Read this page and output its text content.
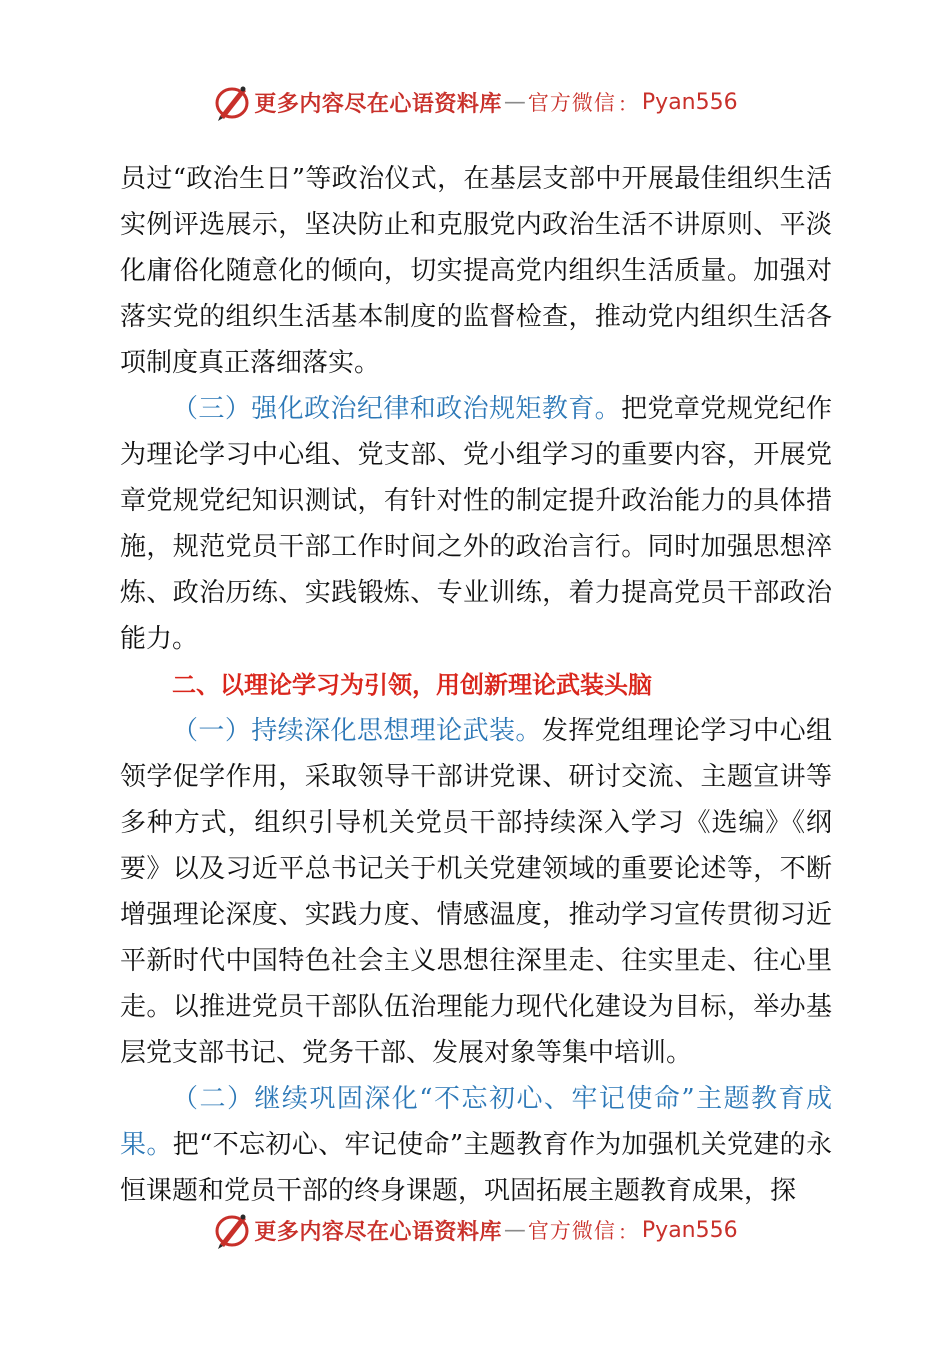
更多内容尽在心语资料库 — 官方微信 ： Pyan556

员过“政治生日”等政治仪式，在基层支部中开展最佳组织生活实例评选展示，坚决防止和克服党内政治生活不讲原则、平淡化庸俗化随意化的倾向，切实提高党内组织生活质量。加强对落实党的组织生活基本制度的监督检查，推动党内组织生活各项制度真正落细落实。

（三）强化政治纪律和政治规矩教育。把党章党规党纪作为理论学习中心组、党支部、党小组学习的重要内容，开展党章党规党纪知识测试，有针对性的制定提升政治能力的具体措施，规范党员干部工作时间之外的政治言行。同时加强思想淬炼、政治历练、实践锻炼、专业训练，着力提高党员干部政治能力。

二、以理论学习为引领，用创新理论武装头脑

（一）持续深化思想理论武装。发挥党组理论学习中心组领学促学作用，采取领导干部讲党课、研讨交流、主题宣讲等多种方式，组织引导机关党员干部持续深入学习《选编》《纲要》以及习近平总书记关于机关党建领域的重要论述等，不断增强理论深度、实践力度、情感温度，推动学习宣传贯彻习近平新时代中国特色社会主义思想往深里走、往实里走、往心里走。以推进党员干部队伍治理能力现代化建设为目标，举办基层党支部书记、党务干部、发展对象等集中培训。

（二）继续巩固深化“不忘初心、牢记使命”主题教育成果。把“不忘初心、牢记使命”主题教育作为加强机关党建的永恒课题和党员干部的终身课题，巩固拓展主题教育成果，探

更多内容尽在心语资料库 — 官方微信 ： Pyan556
